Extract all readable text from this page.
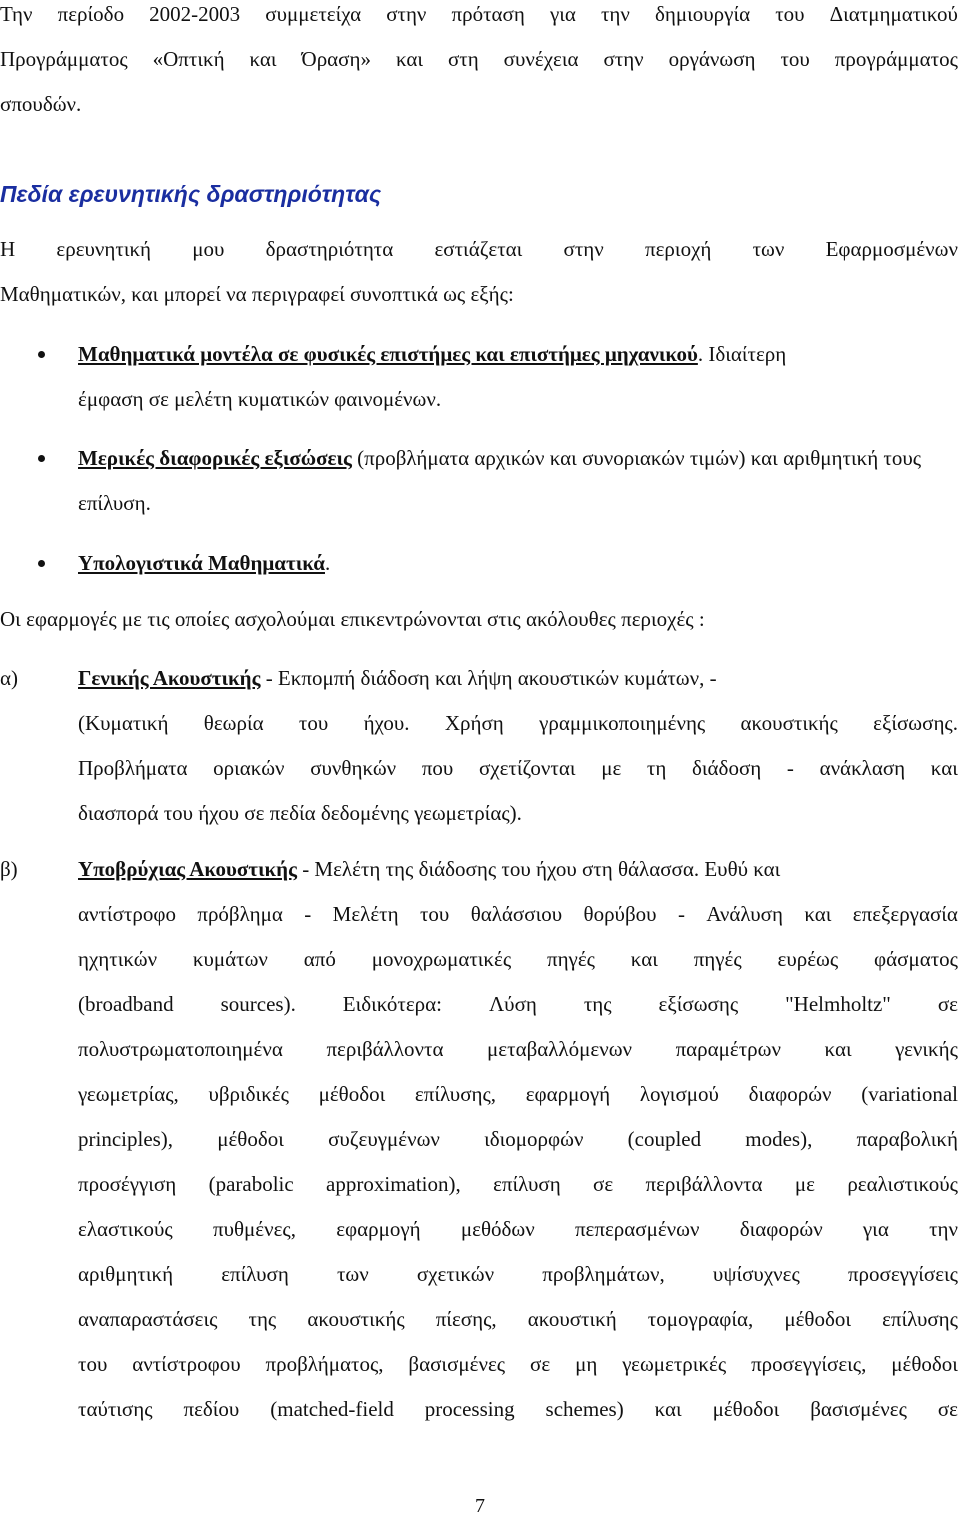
Την περίοδο 2002-2003 συμμετείχα στην πρόταση για την δημιουργία του Διατμηματικού
Προγράμματος «Οπτική και Όραση» και στη συνέχεια στην οργάνωση του προγράμματος
σπουδών.
Πεδία ερευνητικής δραστηριότητας
Η ερευνητική μου δραστηριότητα εστιάζεται στην περιοχή των Εφαρμοσμένων
Μαθηματικών, και μπορεί να περιγραφεί συνοπτικά ως εξής:
Μαθηματικά μοντέλα σε φυσικές επιστήμες και επιστήμες μηχανικού. Ιδιαίτερη
έμφαση σε μελέτη κυματικών φαινομένων.
Μερικές διαφορικές εξισώσεις (προβλήματα αρχικών και συνοριακών τιμών) και αριθμητική τους επίλυση.
Υπολογιστικά Μαθηματικά.
Οι εφαρμογές με τις οποίες ασχολούμαι επικεντρώνονται στις ακόλουθες περιοχές :
α)	Γενικής Ακουστικής - Εκπομπή διάδοση και λήψη ακουστικών κυμάτων, -
(Κυματική θεωρία του ήχου. Χρήση γραμμικοποιημένης ακουστικής εξίσωσης.
Προβλήματα οριακών συνθηκών που σχετίζονται με τη διάδοση - ανάκλαση και
διασπορά του ήχου σε πεδία δεδομένης γεωμετρίας).
β)	Υποβρύχιας Ακουστικής - Μελέτη της διάδοσης του ήχου στη θάλασσα. Ευθύ και
αντίστροφο πρόβλημα - Μελέτη του θαλάσσιου θορύβου - Ανάλυση και επεξεργασία
ηχητικών κυμάτων από μονοχρωματικές πηγές και πηγές ευρέως φάσματος
(broadband sources). Ειδικότερα: Λύση της εξίσωσης "Helmholtz" σε
πολυστρωματοποιημένα περιβάλλοντα μεταβαλλόμενων παραμέτρων και γενικής
γεωμετρίας, υβριδικές μέθοδοι επίλυσης, εφαρμογή λογισμού διαφορών (variational
principles), μέθοδοι συζευγμένων ιδιομορφών (coupled modes), παραβολική
προσέγγιση (parabolic approximation), επίλυση σε περιβάλλοντα με ρεαλιστικούς
ελαστικούς πυθμένες, εφαρμογή μεθόδων πεπερασμένων διαφορών για την
αριθμητική επίλυση των σχετικών προβλημάτων, υψίσυχνες προσεγγίσεις
αναπαραστάσεις της ακουστικής πίεσης, ακουστική τομογραφία, μέθοδοι επίλυσης
του αντίστροφου προβλήματος, βασισμένες σε μη γεωμετρικές προσεγγίσεις, μέθοδοι
ταύτισης πεδίου (matched-field processing schemes) και μέθοδοι βασισμένες σε
7
